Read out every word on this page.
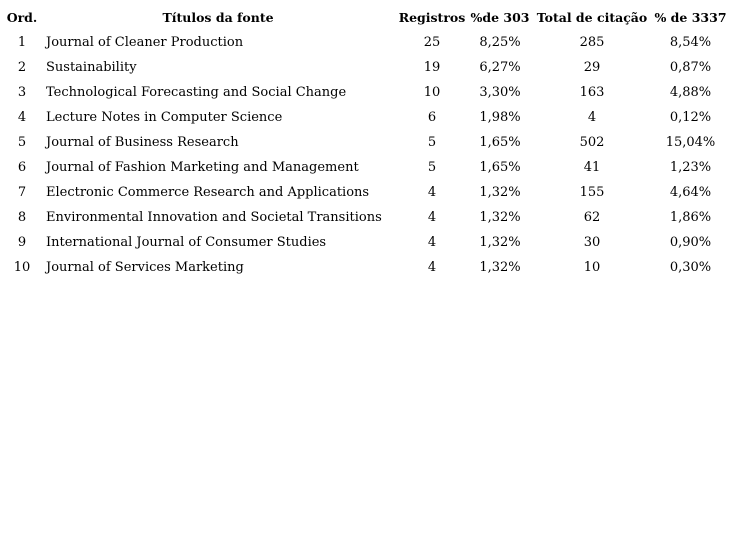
Ord.	Títulos da fonte	Registros	%de 303	Total de citação	% de 3337
1	Journal of Cleaner Production	25	8,25%	285	8,54%
2	Sustainability	19	6,27%	29	0,87%
3	Technological Forecasting and Social Change	10	3,30%	163	4,88%
4	Lecture Notes in Computer Science	6	1,98%	4	0,12%
5	Journal of Business Research	5	1,65%	502	15,04%
6	Journal of Fashion Marketing and Management	5	1,65%	41	1,23%
7	Electronic Commerce Research and Applications	4	1,32%	155	4,64%
8	Environmental Innovation and Societal Transitions	4	1,32%	62	1,86%
9	International Journal of Consumer Studies	4	1,32%	30	0,90%
10	Journal of Services Marketing	4	1,32%	10	0,30%
